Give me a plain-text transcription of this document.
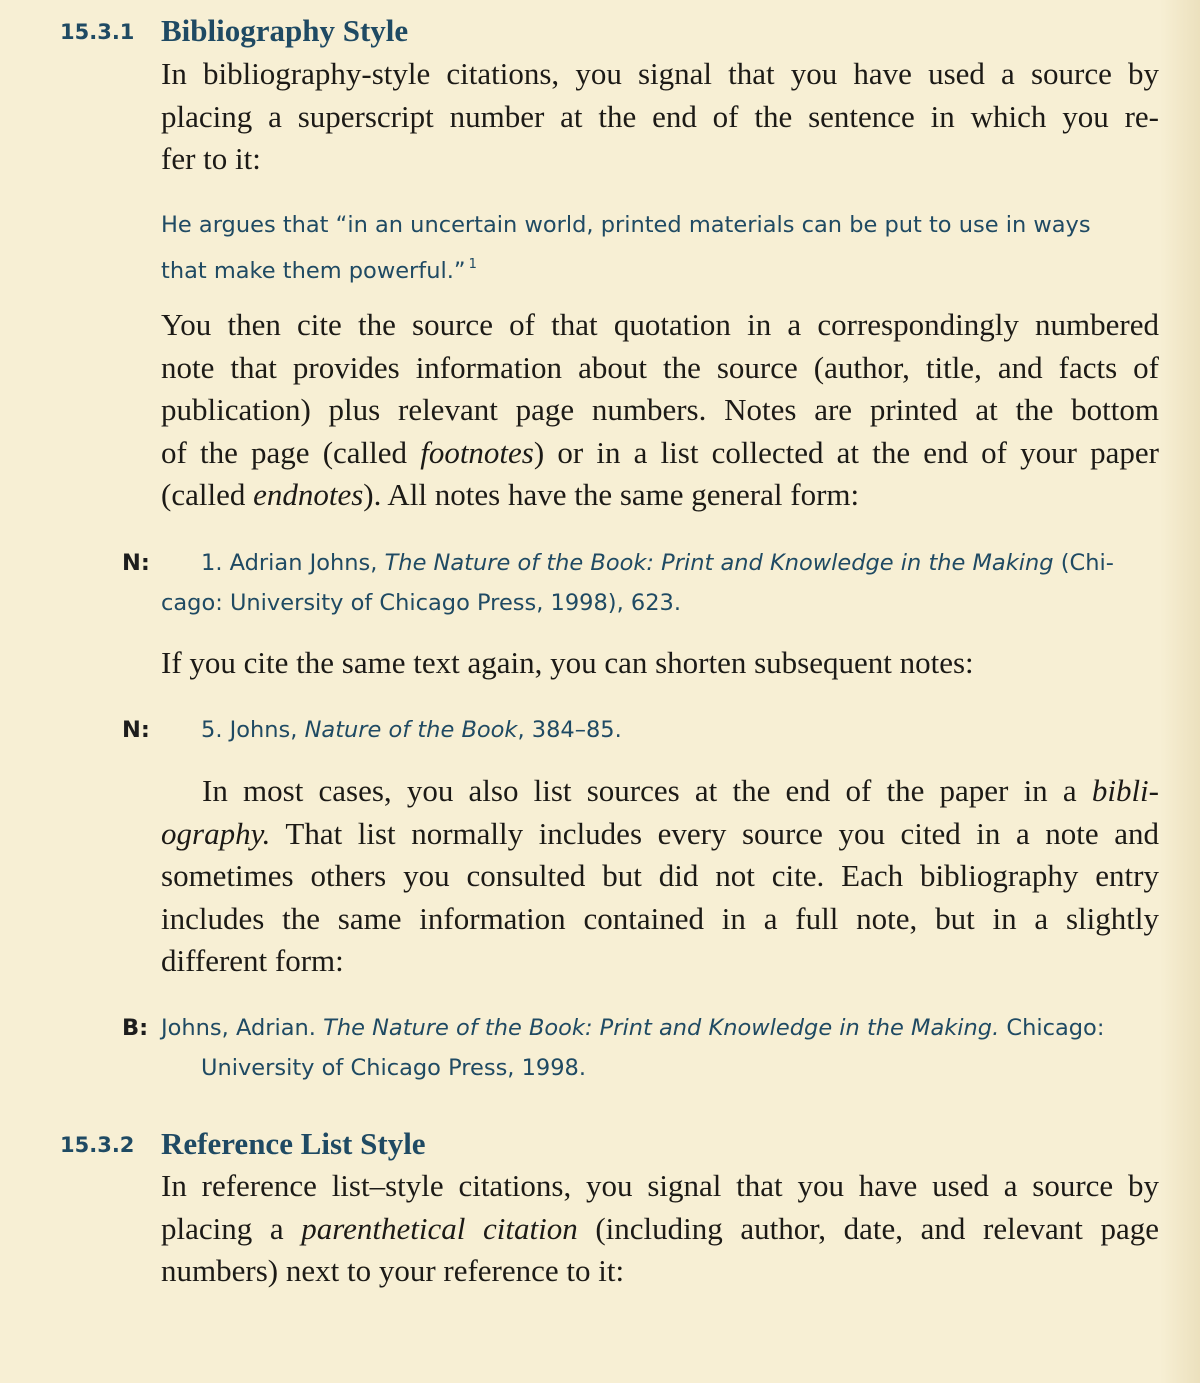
15.3.1 Bibliography Style
In bibliography-style citations, you signal that you have used a source by
placing a superscript number at the end of the sentence in which you re-
fer to it:
He argues that “in an uncertain world, printed materials can be put to use in ways
that make them powerful.” $^1$
You then cite the source of that quotation in a correspondingly numbered
note that provides information about the source (author, title, and facts of
publication) plus relevant page numbers. Notes are printed at the bottom
of the page (called footnotes) or in a list collected at the end of your paper
(called endnotes). All notes have the same general form:
N:	1. Adrian Johns, The Nature of the Book: Print and Knowledge in the Making (Chi-
cago: University of Chicago Press, 1998), 623.
If you cite the same text again, you can shorten subsequent notes:
N:	5. Johns, Nature of the Book, 384–85.
In most cases, you also list sources at the end of the paper in a bibli-
ography. That list normally includes every source you cited in a note and
sometimes others you consulted but did not cite. Each bibliography entry
includes the same information contained in a full note, but in a slightly
different form:
B: Johns, Adrian. The Nature of the Book: Print and Knowledge in the Making. Chicago:
University of Chicago Press, 1998.
15.3.2 Reference List Style
In reference list–style citations, you signal that you have used a source by
placing a parenthetical citation (including author, date, and relevant page
numbers) next to your reference to it:
